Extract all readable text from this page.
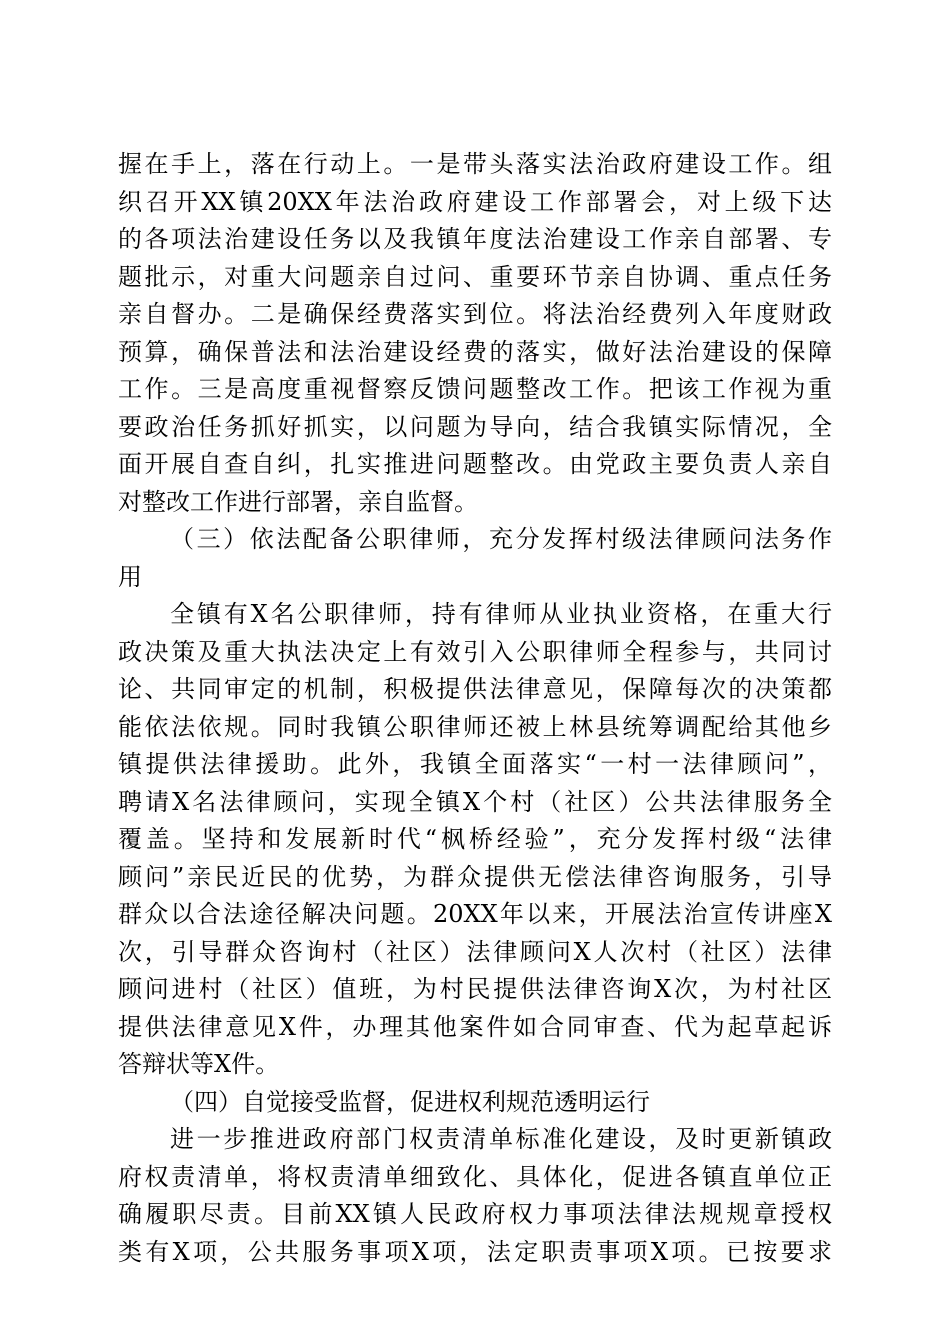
握在手上，落在行动上。一是带头落实法治政府建设工作。组
织召开XX镇20XX年法治政府建设工作部署会，对上级下达
的各项法治建设任务以及我镇年度法治建设工作亲自部署、专
题批示，对重大问题亲自过问、重要环节亲自协调、重点任务
亲自督办。二是确保经费落实到位。将法治经费列入年度财政
预算，确保普法和法治建设经费的落实，做好法治建设的保障
工作。三是高度重视督察反馈问题整改工作。把该工作视为重
要政治任务抓好抓实，以问题为导向，结合我镇实际情况，全
面开展自查自纠，扎实推进问题整改。由党政主要负责人亲自
对整改工作进行部署，亲自监督。
（三）依法配备公职律师，充分发挥村级法律顾问法务作
用
全镇有X名公职律师，持有律师从业执业资格，在重大行
政决策及重大执法决定上有效引入公职律师全程参与，共同讨
论、共同审定的机制，积极提供法律意见，保障每次的决策都
能依法依规。同时我镇公职律师还被上林县统筹调配给其他乡
镇提供法律援助。此外，我镇全面落实“一村一法律顾问”，
聘请X名法律顾问，实现全镇X个村（社区）公共法律服务全
覆盖。坚持和发展新时代“枫桥经验”，充分发挥村级“法律
顾问”亲民近民的优势，为群众提供无偿法律咨询服务，引导
群众以合法途径解决问题。20XX年以来，开展法治宣传讲座X
次，引导群众咨询村（社区）法律顾问X人次村（社区）法律
顾问进村（社区）值班，为村民提供法律咨询X次，为村社区
提供法律意见X件，办理其他案件如合同审查、代为起草起诉
答辩状等X件。
（四）自觉接受监督，促进权利规范透明运行
进一步推进政府部门权责清单标准化建设，及时更新镇政
府权责清单，将权责清单细致化、具体化，促进各镇直单位正
确履职尽责。目前XX镇人民政府权力事项法律法规规章授权
类有X项，公共服务事项X项，法定职责事项X项。已按要求
